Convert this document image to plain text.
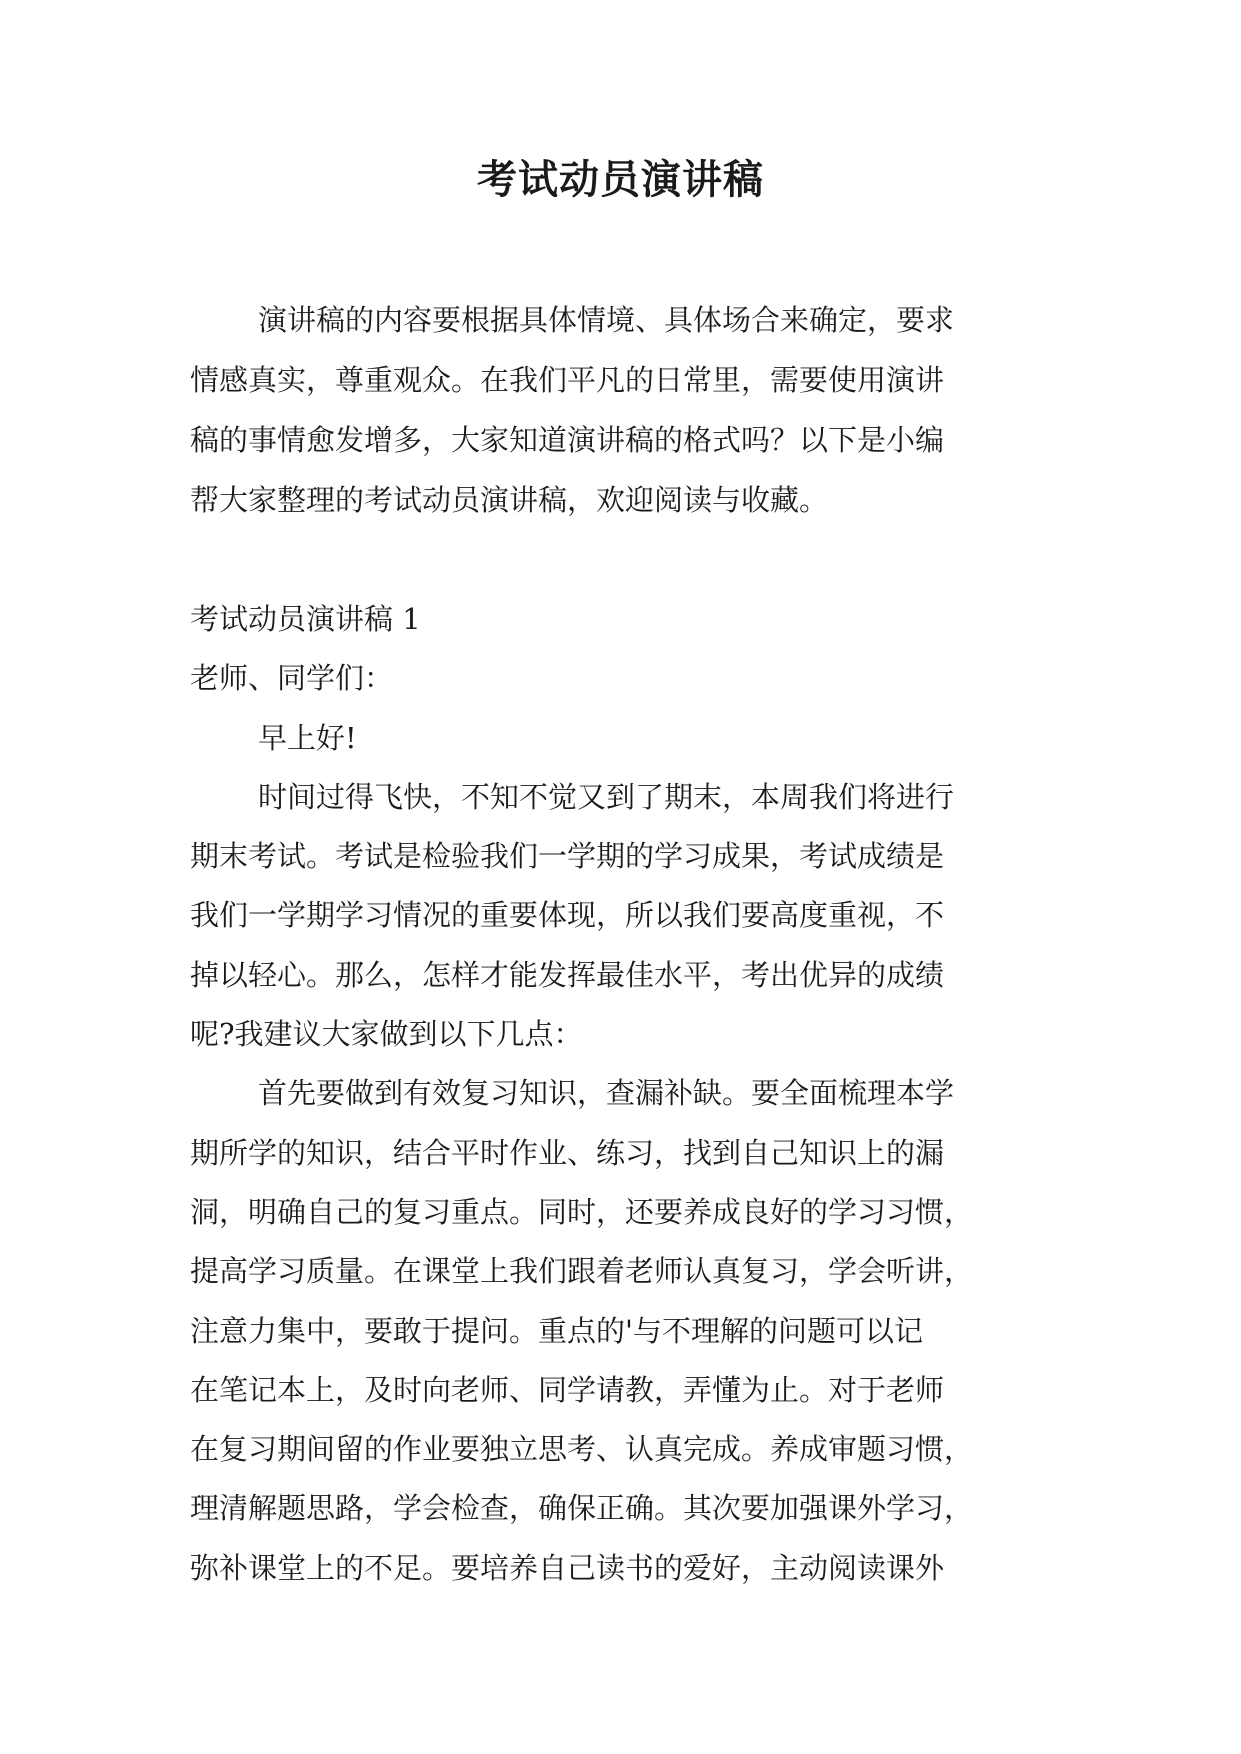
考试动员演讲稿
演讲稿的内容要根据具体情境、具体场合来确定，要求
情感真实，尊重观众。在我们平凡的日常里，需要使用演讲
稿的事情愈发增多，大家知道演讲稿的格式吗？以下是小编
帮大家整理的考试动员演讲稿，欢迎阅读与收藏。
考试动员演讲稿 1
老师、同学们：
早上好!
时间过得飞快，不知不觉又到了期末，本周我们将进行
期末考试。考试是检验我们一学期的学习成果，考试成绩是
我们一学期学习情况的重要体现，所以我们要高度重视，不
掉以轻心。那么，怎样才能发挥最佳水平，考出优异的成绩
呢?我建议大家做到以下几点：
首先要做到有效复习知识，查漏补缺。要全面梳理本学
期所学的知识，结合平时作业、练习，找到自己知识上的漏
洞，明确自己的复习重点。同时，还要养成良好的学习习惯，
提高学习质量。在课堂上我们跟着老师认真复习，学会听讲，
注意力集中，要敢于提问。重点的'与不理解的问题可以记
在笔记本上，及时向老师、同学请教，弄懂为止。对于老师
在复习期间留的作业要独立思考、认真完成。养成审题习惯，
理清解题思路，学会检查，确保正确。其次要加强课外学习，
弥补课堂上的不足。要培养自己读书的爱好，主动阅读课外
